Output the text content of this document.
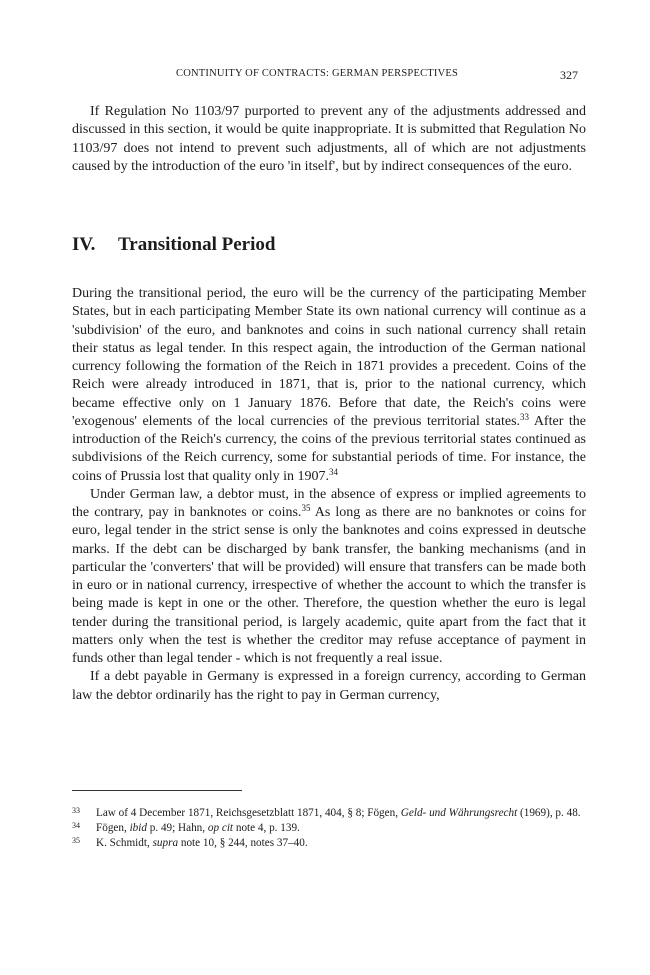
CONTINUITY OF CONTRACTS: GERMAN PERSPECTIVES	327

If Regulation No 1103/97 purported to prevent any of the adjustments addressed and discussed in this section, it would be quite inappropriate. It is submitted that Regulation No 1103/97 does not intend to prevent such adjustments, all of which are not adjustments caused by the introduction of the euro 'in itself', but by indirect consequences of the euro.

IV. Transitional Period

During the transitional period, the euro will be the currency of the participating Member States, but in each participating Member State its own national currency will continue as a 'subdivision' of the euro, and banknotes and coins in such national currency shall retain their status as legal tender. In this respect again, the introduction of the German national currency following the formation of the Reich in 1871 provides a precedent. Coins of the Reich were already introduced in 1871, that is, prior to the national currency, which became effective only on 1 January 1876. Before that date, the Reich's coins were 'exogenous' elements of the local currencies of the previous territorial states.$^{33}$ After the introduction of the Reich's currency, the coins of the previous territorial states continued as subdivisions of the Reich currency, some for substantial periods of time. For instance, the coins of Prussia lost that quality only in 1907.34

Under German law, a debtor must, in the absence of express or implied agreements to the contrary, pay in banknotes or coins.$^{35}$ As long as there are no banknotes or coins for euro, legal tender in the strict sense is only the banknotes and coins expressed in deutsche marks. If the debt can be discharged by bank transfer, the banking mechanisms (and in particular the 'converters' that will be provided) will ensure that transfers can be made both in euro or in national currency, irrespective of whether the account to which the transfer is being made is kept in one or the other. Therefore, the question whether the euro is legal tender during the transitional period, is largely academic, quite apart from the fact that it matters only when the test is whether the creditor may refuse acceptance of payment in funds other than legal tender - which is not frequently a real issue.

If a debt payable in Germany is expressed in a foreign currency, according to German law the debtor ordinarily has the right to pay in German currency,

33 Law of 4 December 1871, Reichsgesetzblatt 1871, 404, § 8; Fögen, Geld- und Währungsrecht (1969), p. 48.

34 Fögen, ibid p. 49; Hahn, op cit note 4, p. 139.

35 K. Schmidt, supra note 10, § 244, notes 37–40.
